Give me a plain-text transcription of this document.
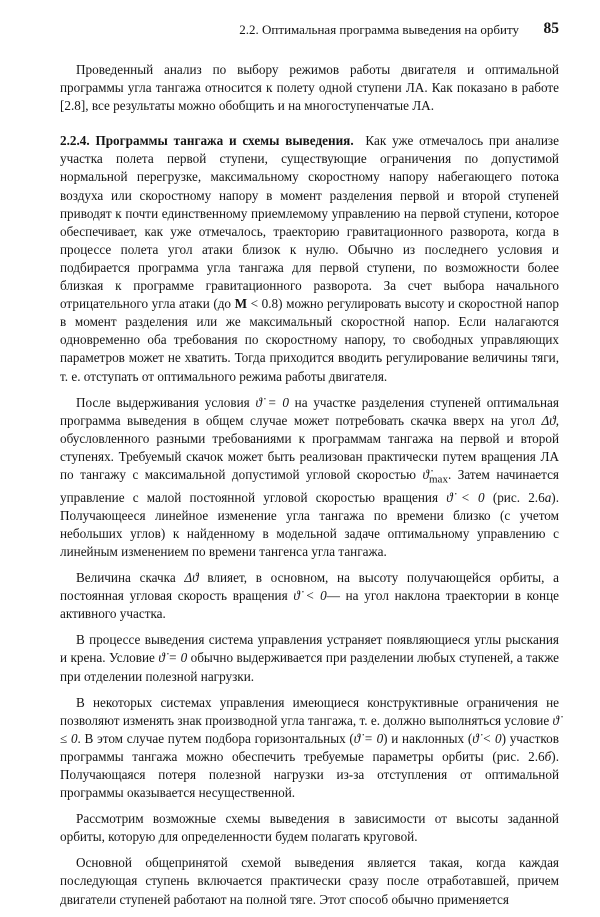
2.2. Оптимальная программа выведения на орбиту 85

Проведенный анализ по выбору режимов работы двигателя и оптимальной программы угла тангажа относится к полету одной ступени ЛА. Как показано в работе [2.8], все результаты можно обобщить и на многоступенчатые ЛА.

2.2.4. Программы тангажа и схемы выведения. Как уже отмечалось при анализе участка полета первой ступени, существующие ограничения по допустимой нормальной перегрузке, максимальному скоростному напору набегающего потока воздуха или скоростному напору в момент разделения первой и второй ступеней приводят к почти единственному приемлемому управлению на первой ступени, которое обеспечивает, как уже отмечалось, траекторию гравитационного разворота, когда в процессе полета угол атаки близок к нулю. Обычно из последнего условия и подбирается программа угла тангажа для первой ступени, по возможности более близкая к программе гравитационного разворота. За счет выбора начального отрицательного угла атаки (до M < 0.8) можно регулировать высоту и скоростной напор в момент разделения или же максимальный скоростной напор. Если налагаются одновременно оба требования по скоростному напору, то свободных управляющих параметров может не хватить. Тогда приходится вводить регулирование величины тяги, т. е. отступать от оптимального режима работы двигателя.

После выдерживания условия ϑ̇ = 0 на участке разделения ступеней оптимальная программа выведения в общем случае может потребовать скачка вверх на угол Δϑ, обусловленного разными требованиями к программам тангажа на первой и второй ступенях. Требуемый скачок может быть реализован практически путем вращения ЛА по тангажу с максимальной допустимой угловой скоростью $ϑ̇_{max}$. Затем начинается управление с малой постоянной угловой скоростью вращения ϑ̇ < 0 (рис. 2.6а). Получающееся линейное изменение угла тангажа по времени близко (с учетом небольших углов) к найденному в модельной задаче оптимальному управлению с линейным изменением по времени тангенса угла тангажа.

Величина скачка Δϑ влияет, в основном, на высоту получающейся орбиты, а постоянная угловая скорость вращения ϑ̇ < 0— на угол наклона траектории в конце активного участка.

В процессе выведения система управления устраняет появляющиеся углы рыскания и крена. Условие ϑ̇ = 0 обычно выдерживается при разделении любых ступеней, а также при отделении полезной нагрузки.

В некоторых системах управления имеющиеся конструктивные ограничения не позволяют изменять знак производной угла тангажа, т. е. должно выполняться условие ϑ̇ ≤ 0. В этом случае путем подбора горизонтальных (ϑ̇ = 0) и наклонных (ϑ̇ < 0) участков программы тангажа можно обеспечить требуемые параметры орбиты (рис. 2.6б). Получающаяся потеря полезной нагрузки из-за отступления от оптимальной программы оказывается несущественной.

Рассмотрим возможные схемы выведения в зависимости от высоты заданной орбиты, которую для определенности будем полагать круговой.

Основной общепринятой схемой выведения является такая, когда каждая последующая ступень включается практически сразу после отработавшей, причем двигатели ступеней работают на полной тяге. Этот способ обычно применяется
